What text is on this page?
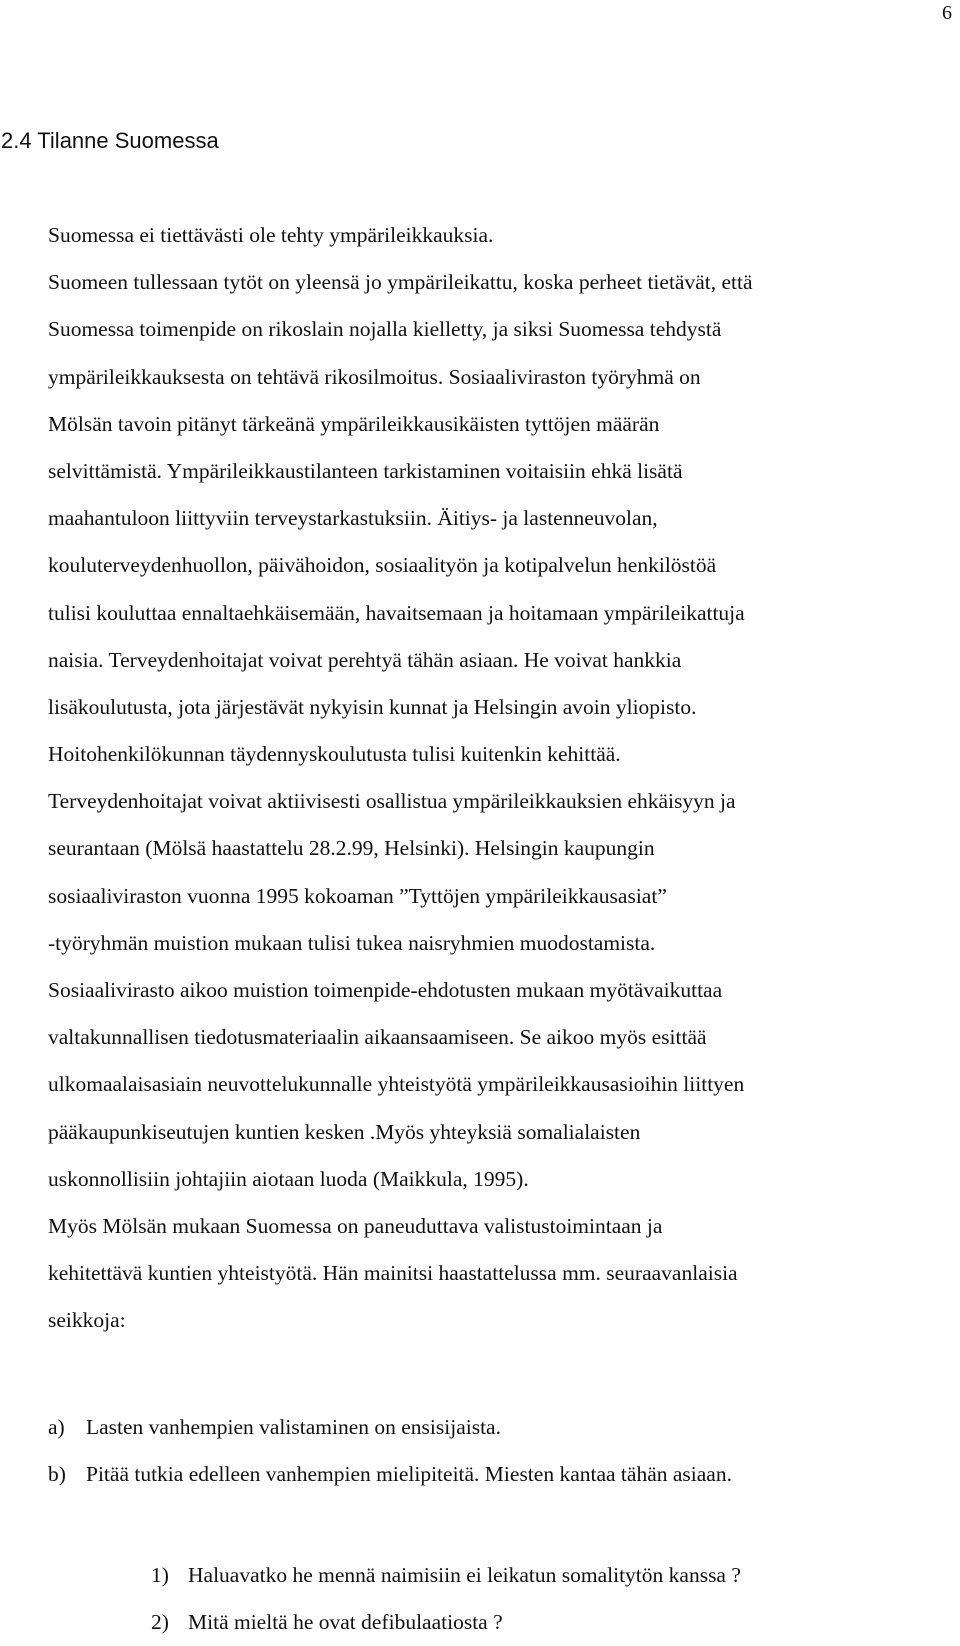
6
2.4 Tilanne Suomessa
Suomessa ei tiettävästi ole tehty ympärileikkauksia.
Suomeen tullessaan tytöt on yleensä jo ympärileikattu, koska perheet tietävät, että
Suomessa toimenpide on rikoslain nojalla kielletty, ja siksi Suomessa tehdystä
ympärileikkauksesta on tehtävä rikosilmoitus. Sosiaaliviraston työryhmä on
Mölsän tavoin pitänyt tärkeänä ympärileikkausikäisten tyttöjen määrän
selvittämistä. Ympärileikkaustilanteen tarkistaminen voitaisiin ehkä lisätä
maahantuloon liittyviin terveystarkastuksiin. Äitiys- ja lastenneuvolan,
kouluterveydenhuollon, päivähoidon, sosiaalityön ja kotipalvelun henkilöstöä
tulisi kouluttaa ennaltaehkäisemään, havaitsemaan ja hoitamaan ympärileikattuja
naisia. Terveydenhoitajat voivat perehtyä tähän asiaan. He voivat hankkia
lisäkoulutusta, jota järjestävät nykyisin kunnat ja Helsingin avoin yliopisto.
Hoitohenkilökunnan täydennyskoulutusta tulisi kuitenkin kehittää.
Terveydenhoitajat voivat aktiivisesti osallistua ympärileikkauksien ehkäisyyn ja
seurantaan (Mölsä haastattelu 28.2.99, Helsinki). Helsingin kaupungin
sosiaaliviraston vuonna 1995 kokoaman ”Tyttöjen ympärileikkausasiat”
-työryhmän muistion mukaan tulisi tukea naisryhmien muodostamista.
Sosiaalivirasto aikoo muistion toimenpide-ehdotusten mukaan myötävaikuttaa
valtakunnallisen tiedotusmateriaalin aikaansaamiseen. Se aikoo myös esittää
ulkomaalaisasiain neuvottelukunnalle yhteistyötä ympärileikkausasioihin liittyen
pääkaupunkiseutujen kuntien kesken .Myös yhteyksiä somalialaisten
uskonnollisiin johtajiin aiotaan luoda (Maikkula, 1995).
Myös Mölsän mukaan Suomessa on paneuduttava valistustoimintaan ja
kehitettävä kuntien yhteistyötä. Hän mainitsi haastattelussa mm. seuraavanlaisia
seikkoja:
a) Lasten vanhempien valistaminen on ensisijaista.
b) Pitää tutkia edelleen vanhempien mielipiteitä. Miesten kantaa tähän asiaan.
1) Haluavatko he mennä naimisiin ei leikatun somalitytön kanssa ?
2) Mitä mieltä he ovat defibulaatiosta ?
